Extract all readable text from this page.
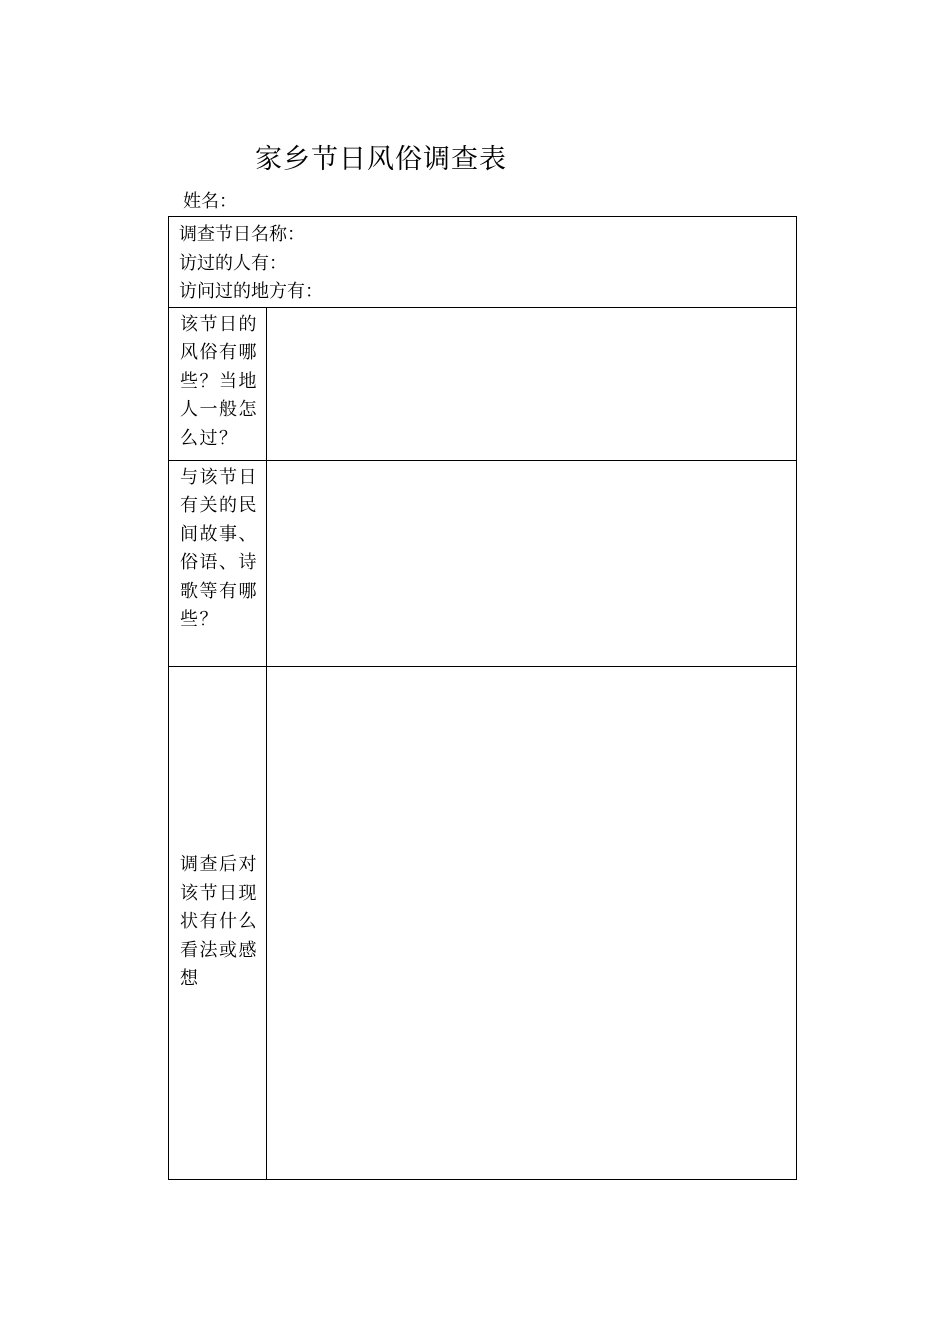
家乡节日风俗调查表
姓名：
调查节日名称：
访过的人有：
访问过的地方有：	

该节日的风俗有哪些？当地人一般怎么过？	
与该节日有关的民间故事、俗语、诗歌等有哪些？	
调查后对该节日现状有什么看法或感想	
